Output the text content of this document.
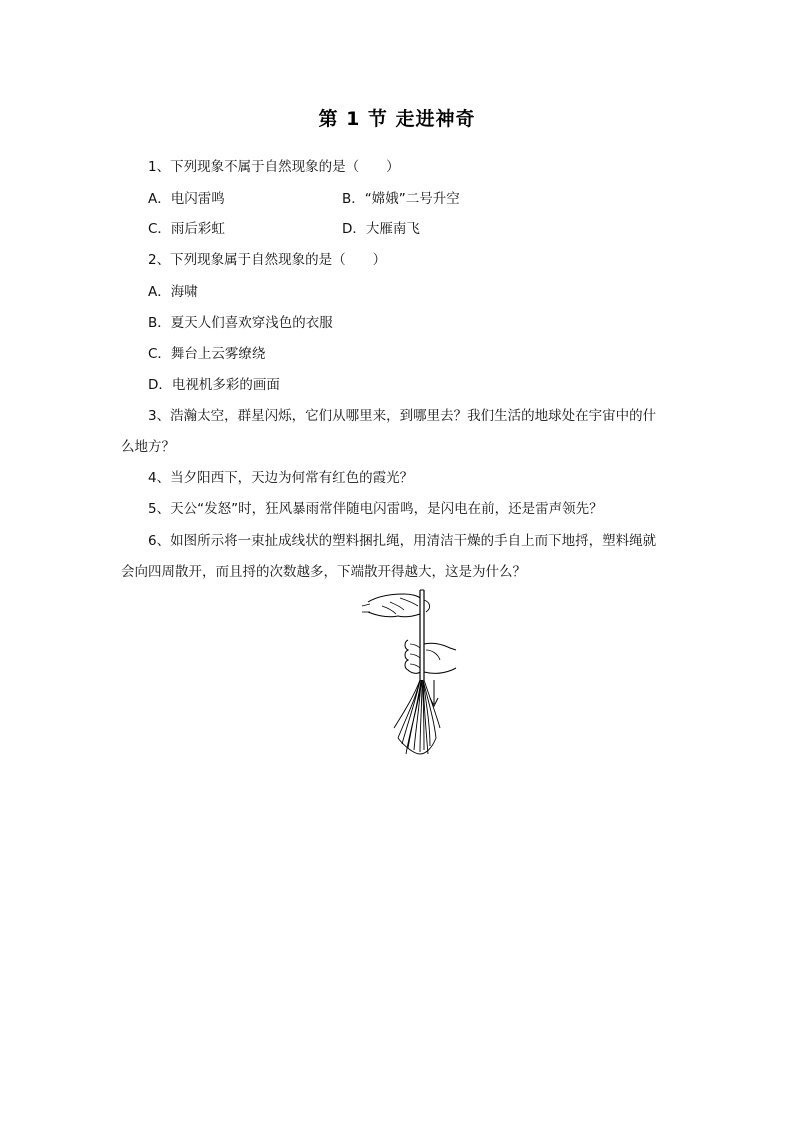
第 1 节 走进神奇
1、下列现象不属于自然现象的是（　　）
A．电闪雷鸣	B．“嫦娥”二号升空
C．雨后彩虹	D．大雁南飞
2、下列现象属于自然现象的是（　　）
A．海啸
B．夏天人们喜欢穿浅色的衣服
C．舞台上云雾缭绕
D．电视机多彩的画面
3、浩瀚太空，群星闪烁，它们从哪里来，到哪里去？我们生活的地球处在宇宙中的什
么地方？
4、当夕阳西下，天边为何常有红色的霞光？
5、天公“发怒”时，狂风暴雨常伴随电闪雷鸣，是闪电在前，还是雷声领先？
6、如图所示将一束扯成线状的塑料捆扎绳，用清洁干燥的手自上而下地捋，塑料绳就
会向四周散开，而且捋的次数越多，下端散开得越大，这是为什么？
